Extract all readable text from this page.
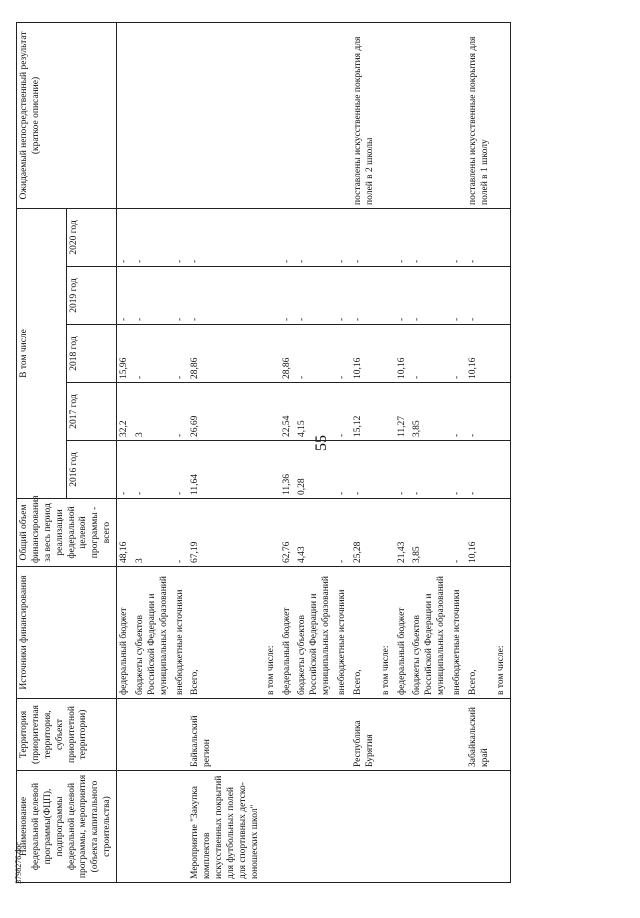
55
3798276.doc
Наименование федеральной целевой программы(ФЦП), подпрограммы федеральной целевой программы, мероприятия (объекта капитального строительства)	Территория (приоритетная территория, субъект приоритетной территории)	Источники финансирования	Общий объем финансирования за весь период реализации федеральной целевой программы - всего	В том числе					Ожидаемый непосредственный результат (краткое описание)
				2016 год	2017 год	2018 год	2019 год	2020 год	
		федеральный бюджет	48,16	-	32,2	15,96	-	-	
		бюджеты субъектов Российской Федерации и муниципальных образований	3	-	3	-	-	-	
		внебюджетные источники	-	-	-	-	-	-	
Мероприятие "Закупка комплектов искусственных покрытий для футбольных полей для спортивных детско-юношеских школ"	Байкальский регион	Всего,	67,19	11,64	26,69	28,86	-	-	
		в том числе:							
		федеральный бюджет	62,76	11,36	22,54	28,86	-	-	
		бюджеты субъектов Российской Федерации и муниципальных образований	4,43	0,28	4,15	-	-	-	
		внебюджетные источники	-	-	-	-	-	-	
	Республика Бурятия	Всего,	25,28	-	15,12	10,16	-	-	поставлены искусственные покрытия для полей в 2 школы
		в том числе:							
		федеральный бюджет	21,43	-	11,27	10,16	-	-	
		бюджеты субъектов Российской Федерации и муниципальных образований	3,85	-	3,85	-	-	-	
		внебюджетные источники	-	-	-	-	-	-	
	Забайкальский край	Всего,	10,16	-	-	10,16	-	-	поставлены искусственные покрытия для полей в 1 школу
		в том числе:							
